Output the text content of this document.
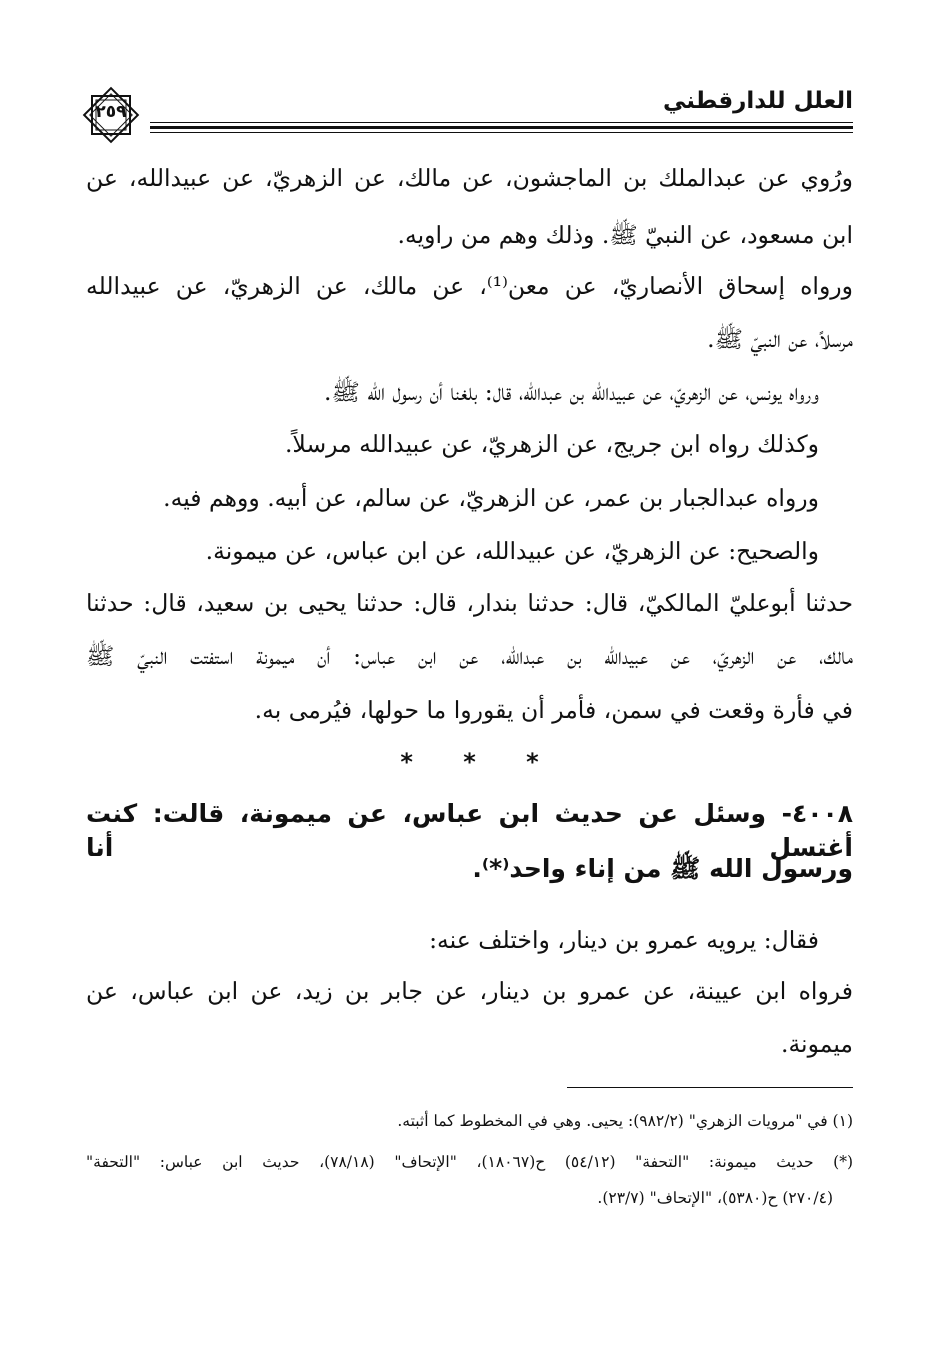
العلل للدارقطني
٢٥٩
ورُوي عن عبدالملك بن الماجشون، عن مالك، عن الزهريّ، عن عبيدالله، عن
ابن مسعود، عن النبيّ ﷺ. وذلك وهم من راويه.
ورواه إسحاق الأنصاريّ، عن معن⁽¹⁾، عن مالك، عن الزهريّ، عن عبيدالله
مرسلاً، عن النبيّ ﷺ.
ورواه يونس، عن الزهريّ، عن عبيدالله بن عبدالله، قال: بلغنا أن رسول الله ﷺ.
وكذلك رواه ابن جريج، عن الزهريّ، عن عبيدالله مرسلاً.
ورواه عبدالجبار بن عمر، عن الزهريّ، عن سالم، عن أبيه. ووهم فيه.
والصحيح: عن الزهريّ، عن عبيدالله، عن ابن عباس، عن ميمونة.
حدثنا أبوعليّ المالكيّ، قال: حدثنا بندار، قال: حدثنا يحيى بن سعيد، قال: حدثنا
مالك، عن الزهريّ، عن عبيدالله بن عبدالله، عن ابن عباس: أن ميمونة استفتت النبيّ ﷺ
في فأرة وقعت في سمن، فأمر أن يقوروا ما حولها، فيُرمى به.
* * *
٤٠٠٨- وسئل عن حديث ابن عباس، عن ميمونة، قالت: كنت أغتسل أنا
ورسول الله ﷺ من إناء واحد⁽*⁾.
فقال: يرويه عمرو بن دينار، واختلف عنه:
فرواه ابن عيينة، عن عمرو بن دينار، عن جابر بن زيد، عن ابن عباس، عن
ميمونة.
(١) في "مرويات الزهري" (٩٨٢/٢): يحيى. وهي في المخطوط كما أثبته.
(*) حديث ميمونة: "التحفة" (٥٤/١٢) ح(١٨٠٦٧)، "الإتحاف" (٧٨/١٨)، حديث ابن عباس: "التحفة"
(٢٧٠/٤) ح(٥٣٨٠)، "الإتحاف" (٢٣/٧).
